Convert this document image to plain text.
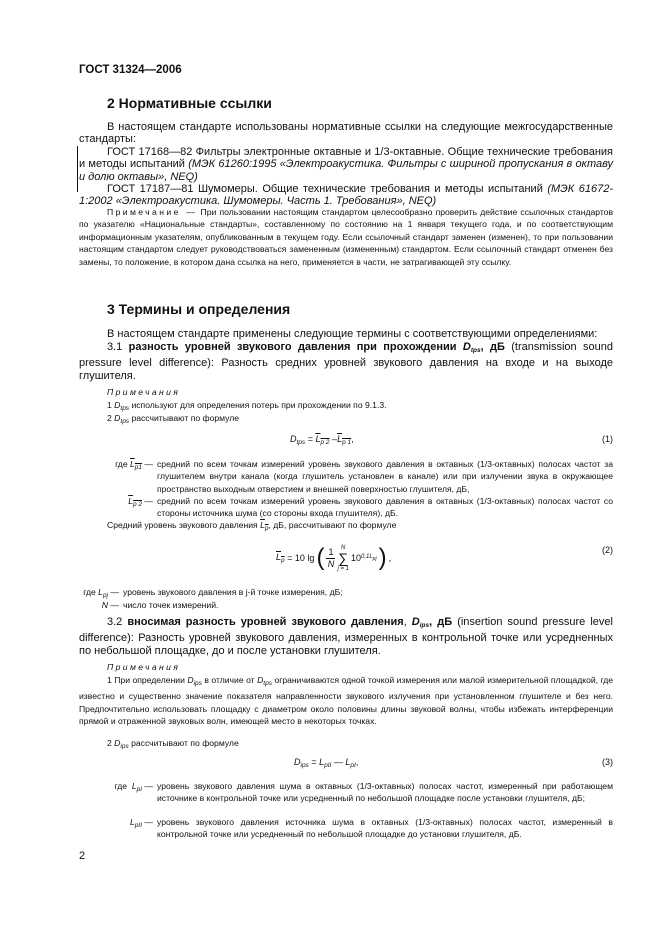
ГОСТ 31324—2006
2 Нормативные ссылки
В настоящем стандарте использованы нормативные ссылки на следующие межгосударственные стандарты:
ГОСТ 17168—82 Фильтры электронные октавные и 1/3-октавные. Общие технические требования и методы испытаний (МЭК 61260:1995 «Электроакустика. Фильтры с шириной пропускания в октаву и долю октавы», NEQ)
ГОСТ 17187—81 Шумомеры. Общие технические требования и методы испытаний (МЭК 61672-1:2002 «Электроакустика. Шумомеры. Часть 1. Требования», NEQ)
Примечание — При пользовании настоящим стандартом целесообразно проверить действие ссылочных стандартов по указателю «Национальные стандарты», составленному по состоянию на 1 января текущего года, и по соответствующим информационным указателям, опубликованным в текущем году. Если ссылочный стандарт заменен (изменен), то при пользовании настоящим стандартом следует руководствоваться замененным (измененным) стандартом. Если ссылочный стандарт отменен без замены, то положение, в котором дана ссылка на него, применяется в части, не затрагивающей эту ссылку.
3 Термины и определения
В настоящем стандарте применены следующие термины с соответствующими определениями:
3.1 разность уровней звукового давления при прохождении $D_{tps}$, дБ (transmission sound pressure level difference): Разность средних уровней звукового давления на входе и на выходе глушителя.
Примечания
1 $D_{tps}$ используют для определения потерь при прохождении по 9.1.3.
2 $D_{tps}$ рассчитывают по формуле
$D_{tps} = L_{p 2}$ $-L_{p 1}$,	(1)
где $L_{p1}$ — средний по всем точкам измерений уровень звукового давления в октавных (1/3-октавных) полосах частот за глушителем внутри канала (когда глушитель установлен в канале) или при излучении звука в окружающее пространство выходным отверстием и внешней поверхностью глушителя, дБ,
$L_{p 2}$ — средний по всем точкам измерений уровень звукового давления в октавных (1/3-октавных) полосах частот со стороны источника шума (со стороны входа глушителя), дБ.
Средний уровень звукового давления $L_p$, дБ, рассчитывают по формуле
$L_p$
= 10 lg ( $\frac{1}{N}$ N
∑
j = 1
10 $0,1L_{pj}$ ) ,
(2)
где $L_{pj}$ — уровень звукового давления в j-й точке измерения, дБ;
N — число точек измерений.
3.2 вносимая разность уровней звукового давления, $D_{ips}$, дБ (insertion sound pressure level difference): Разность уровней звукового давления, измеренных в контрольной точке или усредненных по небольшой площадке, до и после установки глушителя.
Примечания
1 При определении $D_{ips}$ в отличие от $D_{tps}$ ограничиваются одной точкой измерения или малой измерительной площадкой, где известно и существенно значение показателя направленности звукового излучения при установленном глушителе и без него. Предпочтительно использовать площадку с диаметром около половины длины звуковой волны, чтобы избежать интерференции прямой и отраженной звуковых волн, имеющей место в некоторых точках.
2 $D_{ips}$ рассчитывают по формуле
$D_{ips} = L_{pII}$ — $L_{pI}$,	(3)
где $L_{pI}$ — уровень звукового давления шума в октавных (1/3-октавных) полосах частот, измеренный при работающем источнике в контрольной точке или усредненный по небольшой площадке после установки глушителя, дБ;
$L_{pII}$ — уровень звукового давления источника шума в октавных (1/3-октавных) полосах частот, измеренный в контрольной точке или усредненный по небольшой площадке до установки глушителя, дБ.
2
